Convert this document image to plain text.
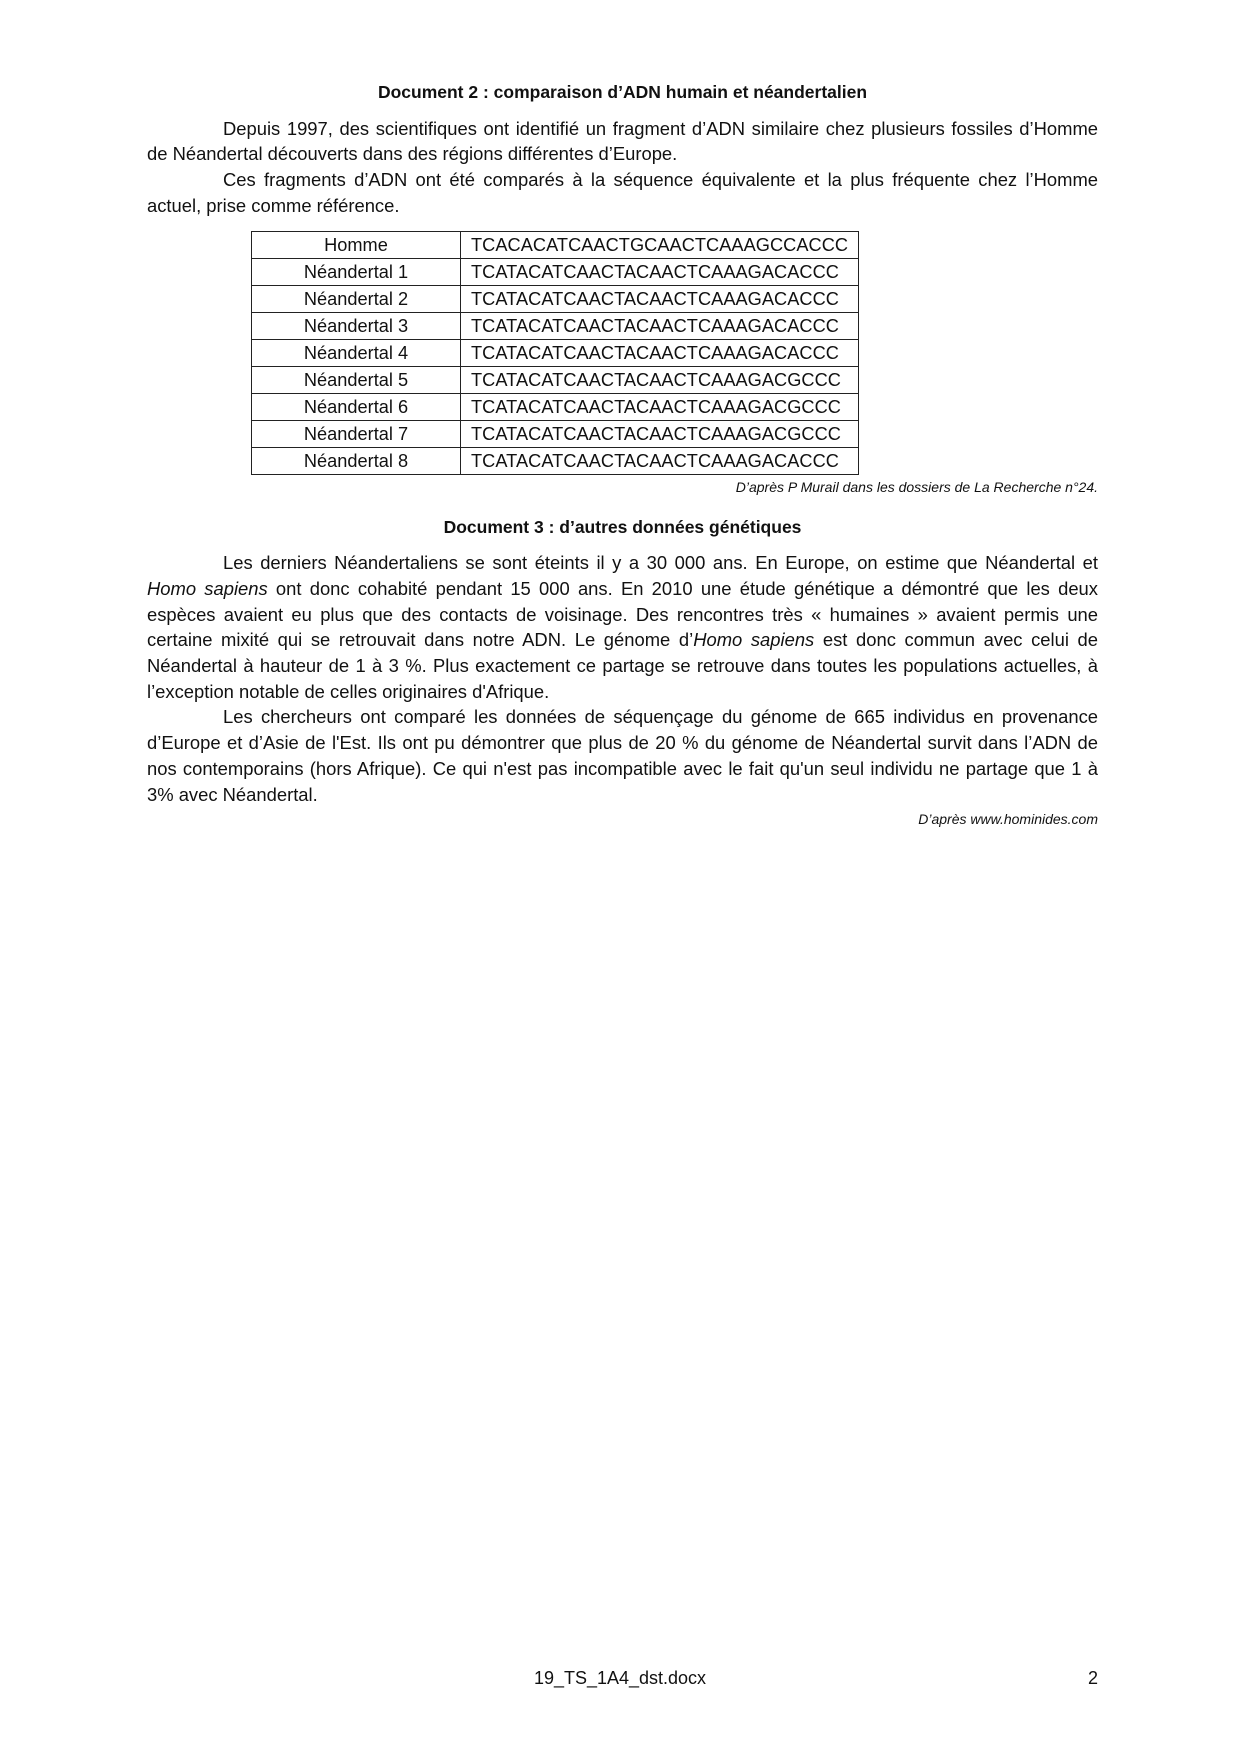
Document 2 : comparaison d’ADN humain et néandertalien

Depuis 1997, des scientifiques ont identifié un fragment d’ADN similaire chez plusieurs fossiles d’Homme de Néandertal découverts dans des régions différentes d’Europe.

Ces fragments d’ADN ont été comparés à la séquence équivalente et la plus fréquente chez l’Homme actuel, prise comme référence.

Homme	TCACACATCAACTGCAACTCAAAGCCACCC
Néandertal 1	TCATACATCAACTACAACTCAAAGACACCC
Néandertal 2	TCATACATCAACTACAACTCAAAGACACCC
Néandertal 3	TCATACATCAACTACAACTCAAAGACACCC
Néandertal 4	TCATACATCAACTACAACTCAAAGACACCC
Néandertal 5	TCATACATCAACTACAACTCAAAGACGCCC
Néandertal 6	TCATACATCAACTACAACTCAAAGACGCCC
Néandertal 7	TCATACATCAACTACAACTCAAAGACGCCC
Néandertal 8	TCATACATCAACTACAACTCAAAGACACCC

D’après P Murail dans les dossiers de La Recherche n°24.

Document 3 : d’autres données génétiques

Les derniers Néandertaliens se sont éteints il y a 30 000 ans. En Europe, on estime que Néandertal et Homo sapiens ont donc cohabité pendant 15 000 ans. En 2010 une étude génétique a démontré que les deux espèces avaient eu plus que des contacts de voisinage. Des rencontres très « humaines » avaient permis une certaine mixité qui se retrouvait dans notre ADN. Le génome d’Homo sapiens est donc commun avec celui de Néandertal à hauteur de 1 à 3 %. Plus exactement ce partage se retrouve dans toutes les populations actuelles, à l’exception notable de celles originaires d'Afrique.

Les chercheurs ont comparé les données de séquençage du génome de 665 individus en provenance d’Europe et d’Asie de l'Est. Ils ont pu démontrer que plus de 20 % du génome de Néandertal survit dans l’ADN de nos contemporains (hors Afrique). Ce qui n'est pas incompatible avec le fait qu'un seul individu ne partage que 1 à 3% avec Néandertal.

D’après www.hominides.com

19_TS_1A4_dst.docx	2
